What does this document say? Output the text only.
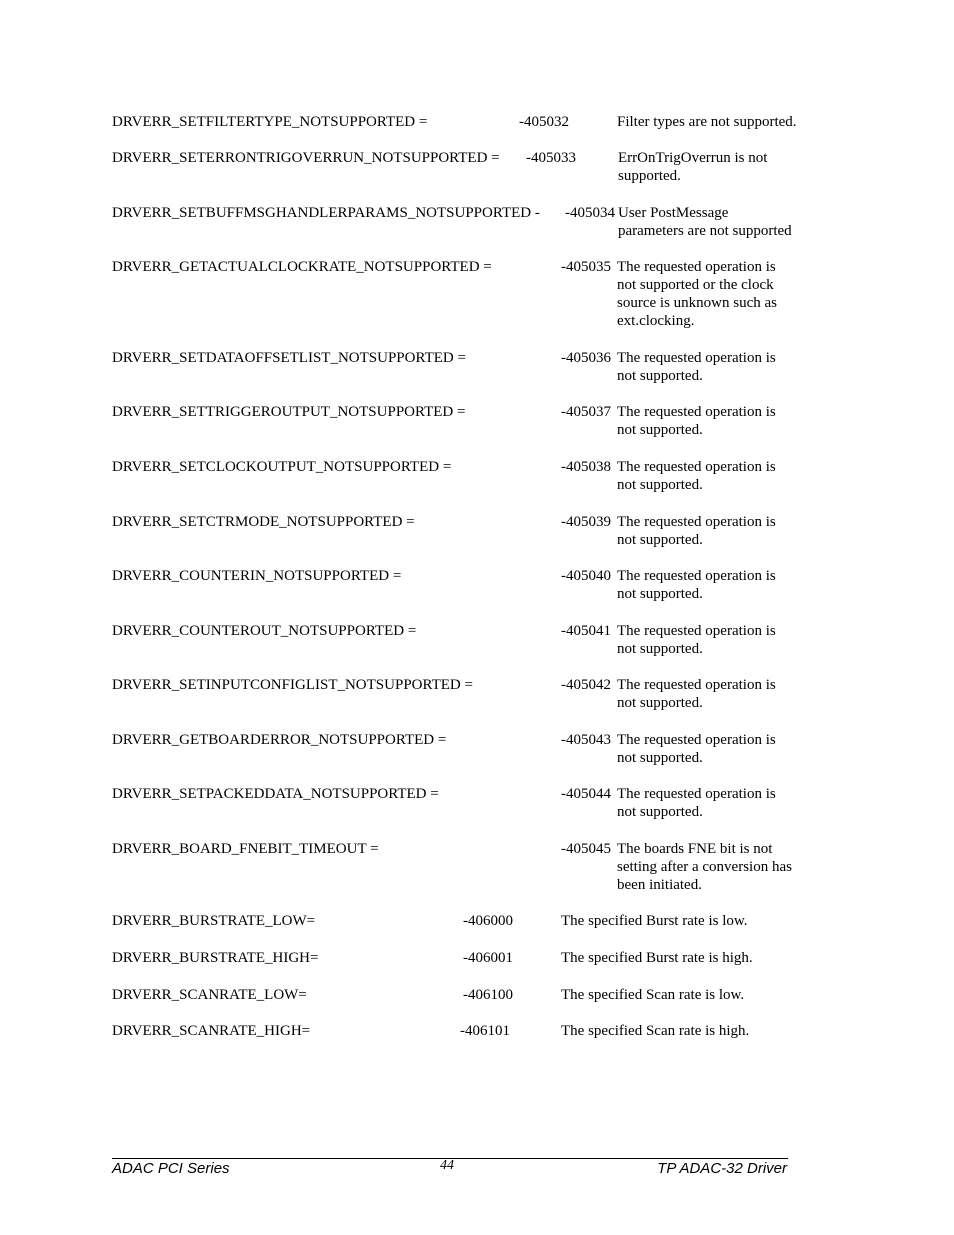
DRVERR_SETFILTERTYPE_NOTSUPPORTED =	-405032	Filter types are not supported.
DRVERR_SETERRONTRIGOVERRUN_NOTSUPPORTED = -405033	ErrOnTrigOverrun is not
supported.
DRVERR_SETBUFFMSGHANDLERPARAMS_NOTSUPPORTED - -405034 User PostMessage
parameters are not supported
DRVERR_GETACTUALCLOCKRATE_NOTSUPPORTED =	-405035 The requested operation is
not supported or the clock
source is unknown such as
ext.clocking.
DRVERR_SETDATAOFFSETLIST_NOTSUPPORTED =	-405036 The requested operation is
not supported.
DRVERR_SETTRIGGEROUTPUT_NOTSUPPORTED =	-405037 The requested operation is
not supported.
DRVERR_SETCLOCKOUTPUT_NOTSUPPORTED =	-405038 The requested operation is
not supported.
DRVERR_SETCTRMODE_NOTSUPPORTED =	-405039 The requested operation is
not supported.
DRVERR_COUNTERIN_NOTSUPPORTED =	-405040 The requested operation is
not supported.
DRVERR_COUNTEROUT_NOTSUPPORTED =	-405041 The requested operation is
not supported.
DRVERR_SETINPUTCONFIGLIST_NOTSUPPORTED =	-405042 The requested operation is
not supported.
DRVERR_GETBOARDERROR_NOTSUPPORTED =	-405043 The requested operation is
not supported.
DRVERR_SETPACKEDDATA_NOTSUPPORTED =	-405044 The requested operation is
not supported.
DRVERR_BOARD_FNEBIT_TIMEOUT =	-405045 The boards FNE bit is not
setting after a conversion has
been initiated.
DRVERR_BURSTRATE_LOW=	-406000	The specified Burst rate is low.
DRVERR_BURSTRATE_HIGH=	-406001	The specified Burst rate is high.
DRVERR_SCANRATE_LOW=	-406100	The specified Scan rate is low.
DRVERR_SCANRATE_HIGH=	-406101	The specified Scan rate is high.
ADAC PCI Series	44	TP ADAC-32 Driver
